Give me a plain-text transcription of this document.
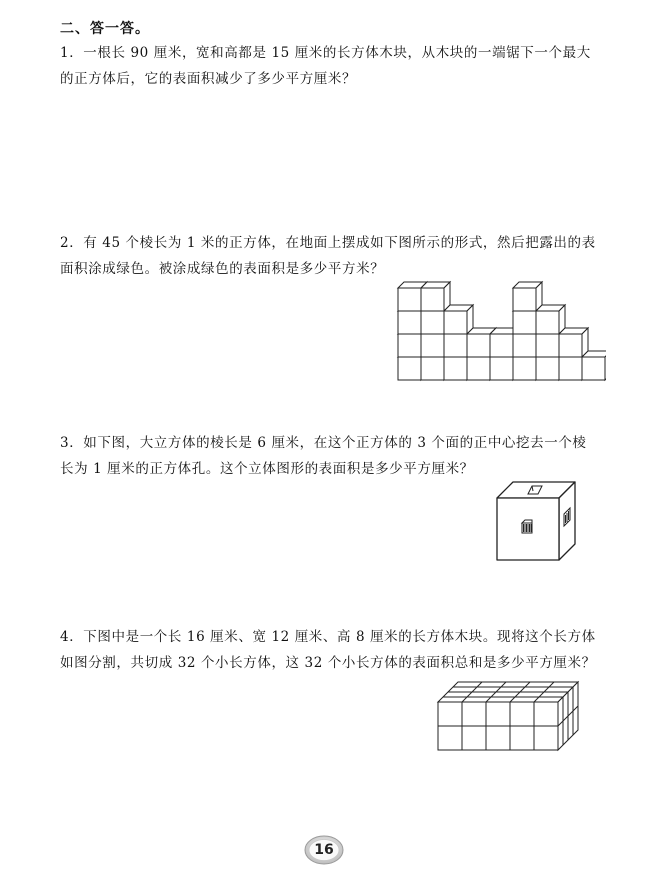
二、答一答。
1．一根长 90 厘米，宽和高都是 15 厘米的长方体木块，从木块的一端锯下一个最大的正方体后，它的表面积减少了多少平方厘米？
2．有 45 个棱长为 1 米的正方体，在地面上摆成如下图所示的形式，然后把露出的表面积涂成绿色。被涂成绿色的表面积是多少平方米？
3．如下图，大立方体的棱长是 6 厘米，在这个正方体的 3 个面的正中心挖去一个棱长为 1 厘米的正方体孔。这个立体图形的表面积是多少平方厘米？
4．下图中是一个长 16 厘米、宽 12 厘米、高 8 厘米的长方体木块。现将这个长方体如图分割，共切成 32 个小长方体，这 32 个小长方体的表面积总和是多少平方厘米？
16
